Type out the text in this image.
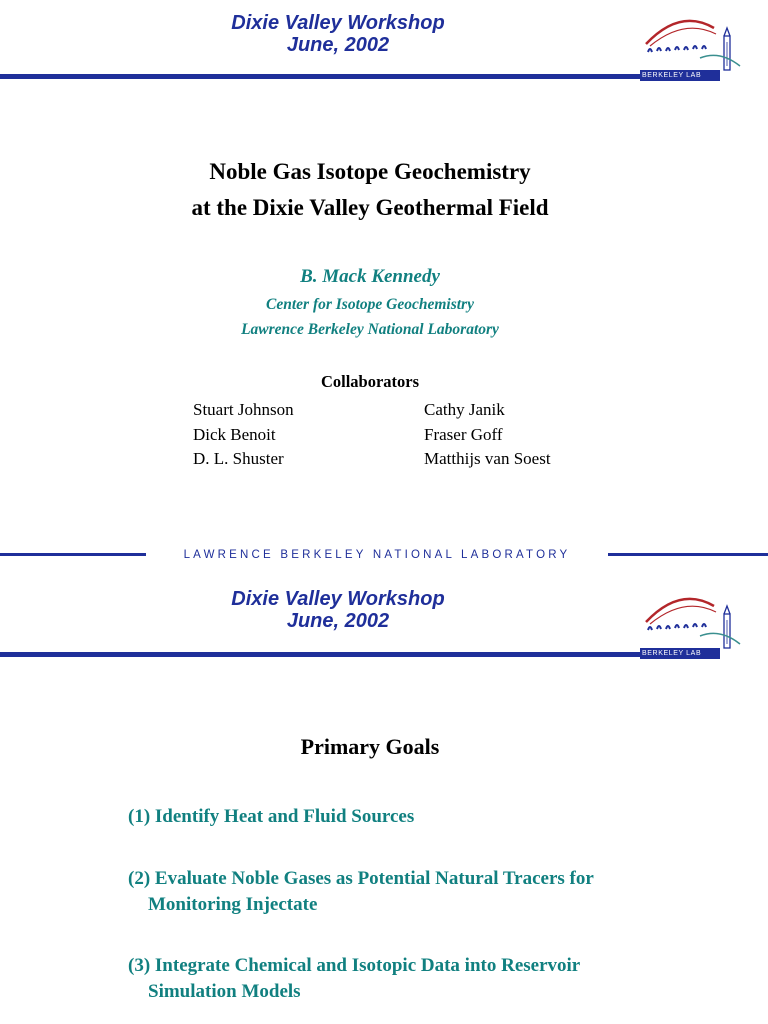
Dixie Valley Workshop
June, 2002
BERKELEY LAB
Noble Gas Isotope Geochemistry
at the Dixie Valley Geothermal Field
B. Mack Kennedy
Center for Isotope Geochemistry
Lawrence Berkeley National Laboratory
Collaborators
Stuart Johnson
Dick Benoit
D. L. Shuster
Cathy Janik
Fraser Goff
Matthijs van Soest
LAWRENCE BERKELEY NATIONAL LABORATORY
Dixie Valley Workshop
June, 2002
BERKELEY LAB
Primary Goals
(1) Identify Heat and Fluid Sources
(2) Evaluate Noble Gases as Potential Natural Tracers for
Monitoring Injectate
(3) Integrate Chemical and Isotopic Data into Reservoir
Simulation Models
